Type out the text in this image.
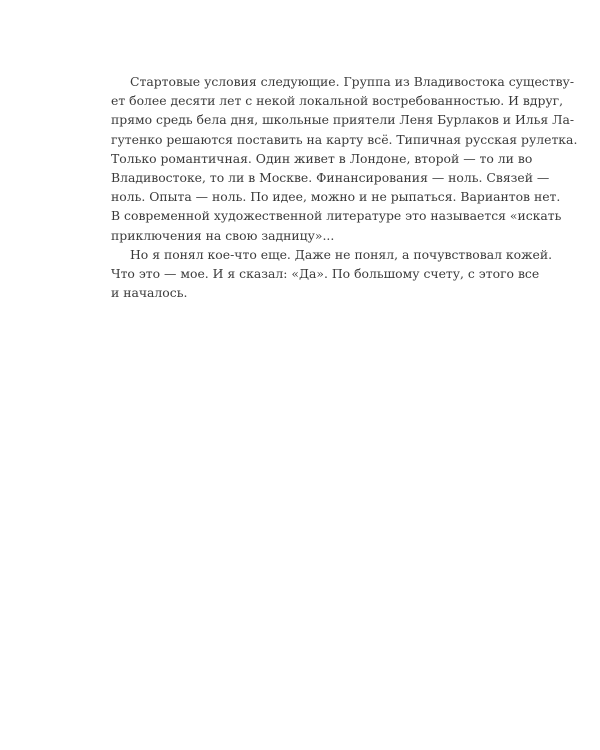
Стартовые условия следующие. Группа из Владивостока существу-
ет более десяти лет с некой локальной востребованностью. И вдруг,
прямо средь бела дня, школьные приятели Леня Бурлаков и Илья Ла-
гутенко решаются поставить на карту всё. Типичная русская рулетка.
Только романтичная. Один живет в Лондоне, второй — то ли во
Владивостоке, то ли в Москве. Финансирования — ноль. Связей —
ноль. Опыта — ноль. По идее, можно и не рыпаться. Вариантов нет.
В современной художественной литературе это называется «искать
приключения на свою задницу»...
Но я понял кое-что еще. Даже не понял, а почувствовал кожей.
Что это — мое. И я сказал: «Да». По большому счету, с этого все
и началось.
